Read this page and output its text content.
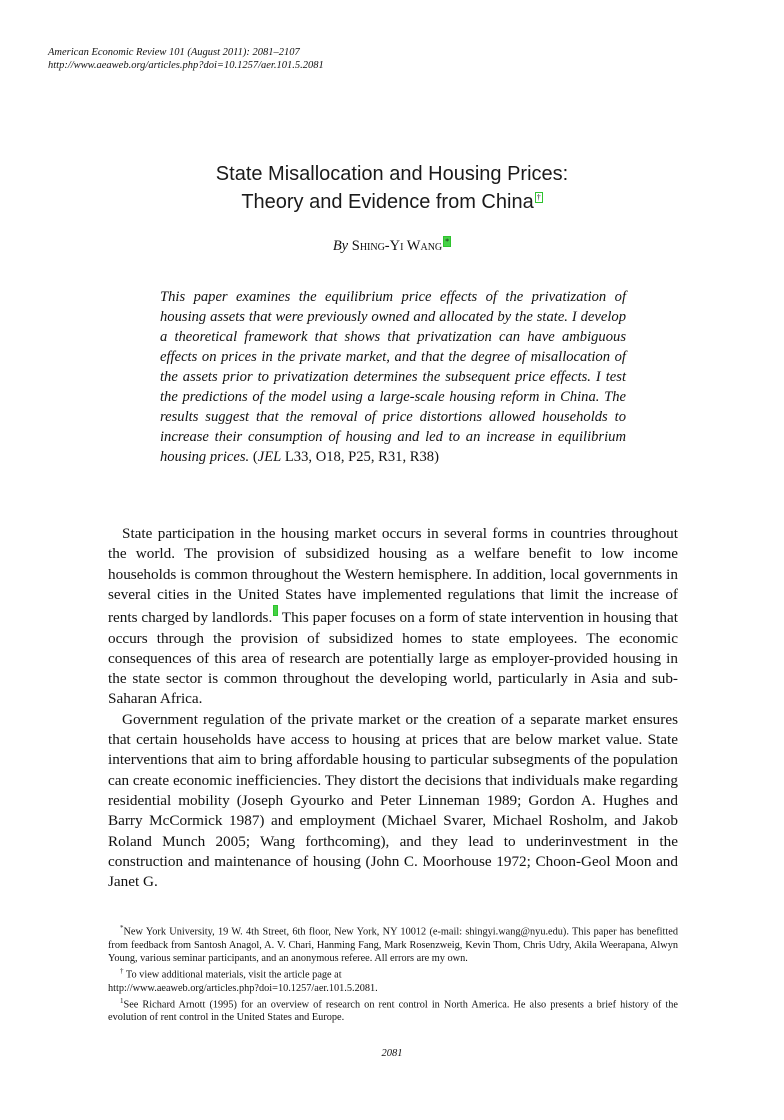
American Economic Review 101 (August 2011): 2081–2107
http://www.aeaweb.org/articles.php?doi=10.1257/aer.101.5.2081
State Misallocation and Housing Prices:
Theory and Evidence from China †
By Shing-Yi Wang *
This paper examines the equilibrium price effects of the privatization of housing assets that were previously owned and allocated by the state. I develop a theoretical framework that shows that privatization can have ambiguous effects on prices in the private market, and that the degree of misallocation of the assets prior to privatization determines the subsequent price effects. I test the predictions of the model using a large-scale housing reform in China. The results suggest that the removal of price distortions allowed households to increase their consumption of housing and led to an increase in equilibrium housing prices. (JEL L33, O18, P25, R31, R38)

State participation in the housing market occurs in several forms in countries throughout the world. The provision of subsidized housing as a welfare benefit to low income households is common throughout the Western hemisphere. In addition, local governments in several cities in the United States have implemented regulations that limit the increase of rents charged by landlords. This paper focuses on a form of state intervention in housing that occurs through the provision of subsidized homes to state employees. The economic consequences of this area of research are potentially large as employer-provided housing in the state sector is common throughout the developing world, particularly in Asia and sub-Saharan Africa.

Government regulation of the private market or the creation of a separate market ensures that certain households have access to housing at prices that are below market value. State interventions that aim to bring affordable housing to particular subsegments of the population can create economic inefficiencies. They distort the decisions that individuals make regarding residential mobility (Joseph Gyourko and Peter Linneman 1989; Gordon A. Hughes and Barry McCormick 1987) and employment (Michael Svarer, Michael Rosholm, and Jakob Roland Munch 2005; Wang forthcoming), and they lead to underinvestment in the construction and maintenance of housing (John C. Moorhouse 1972; Choon-Geol Moon and Janet G.

*New York University, 19 W. 4th Street, 6th floor, New York, NY 10012 (e-mail: shingyi.wang@nyu.edu). This paper has benefitted from feedback from Santosh Anagol, A. V. Chari, Hanming Fang, Mark Rosenzweig, Kevin Thom, Chris Udry, Akila Weerapana, Alwyn Young, various seminar participants, and an anonymous referee. All errors are my own.

† To view additional materials, visit the article page at

http://www.aeaweb.org/articles.php?doi=10.1257/aer.101.5.2081.

$^1$See Richard Arnott (1995) for an overview of research on rent control in North America. He also presents a brief history of the evolution of rent control in the United States and Europe.

2081
